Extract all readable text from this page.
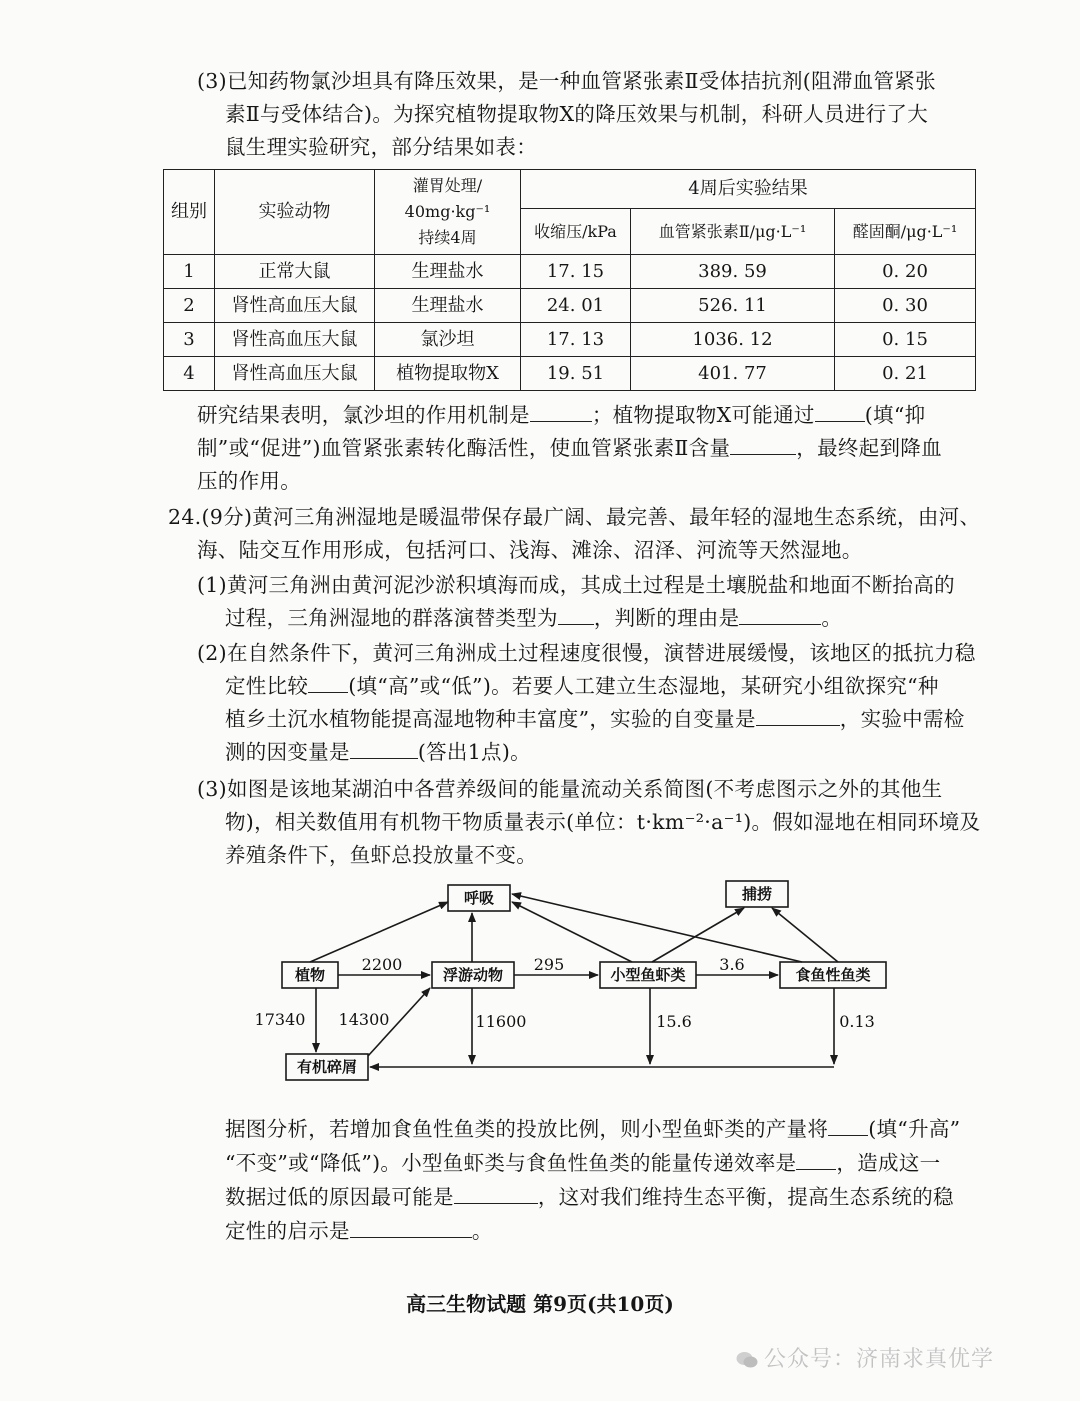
(3)已知药物氯沙坦具有降压效果，是一种血管紧张素Ⅱ受体拮抗剂(阻滞血管紧张
素Ⅱ与受体结合)。为探究植物提取物X的降压效果与机制，科研人员进行了大
鼠生理实验研究，部分结果如表：
组别	实验动物	灌胃处理/
40mg·kg⁻¹
持续4周	4周后实验结果		
			收缩压/kPa	血管紧张素Ⅱ/μg·L⁻¹	醛固酮/μg·L⁻¹
1	正常大鼠	生理盐水	17. 15	389. 59	0. 20
2	肾性高血压大鼠	生理盐水	24. 01	526. 11	0. 30
3	肾性高血压大鼠	氯沙坦	17. 13	1036. 12	0. 15
4	肾性高血压大鼠	植物提取物X	19. 51	401. 77	0. 21
研究结果表明，氯沙坦的作用机制是	；植物提取物X可能通过 (填“抑
制”或“促进”)血管紧张素转化酶活性，使血管紧张素Ⅱ含量	，最终起到降血
压的作用。
24.(9分)黄河三角洲湿地是暖温带保存最广阔、最完善、最年轻的湿地生态系统，由河、
海、陆交互作用形成，包括河口、浅海、滩涂、沼泽、河流等天然湿地。
(1)黄河三角洲由黄河泥沙淤积填海而成，其成土过程是土壤脱盐和地面不断抬高的
过程，三角洲湿地的群落演替类型为 ，判断的理由是	。
(2)在自然条件下，黄河三角洲成土过程速度很慢，演替进展缓慢，该地区的抵抗力稳
定性比较 (填“高”或“低”)。若要人工建立生态湿地，某研究小组欲探究“种
植乡土沉水植物能提高湿地物种丰富度”，实验的自变量是	，实验中需检
测的因变量是	(答出1点)。
(3)如图是该地某湖泊中各营养级间的能量流动关系简图(不考虑图示之外的其他生
物)，相关数值用有机物干物质量表示(单位：t·km⁻²·a⁻¹)。假如湿地在相同环境及
养殖条件下，鱼虾总投放量不变。
呼吸	捕捞
植物	浮游动物	小型鱼虾类	食鱼性鱼类
有机碎屑
2200	295	3.6
17340 14300	11600	15.6	0.13
据图分析，若增加食鱼性鱼类的投放比例，则小型鱼虾类的产量将 (填“升高”
“不变”或“降低”)。小型鱼虾类与食鱼性鱼类的能量传递效率是 ，造成这一
数据过低的原因最可能是	，这对我们维持生态平衡，提高生态系统的稳
定性的启示是	。
高三生物试题 第9页(共10页)
公众号：济南求真优学
